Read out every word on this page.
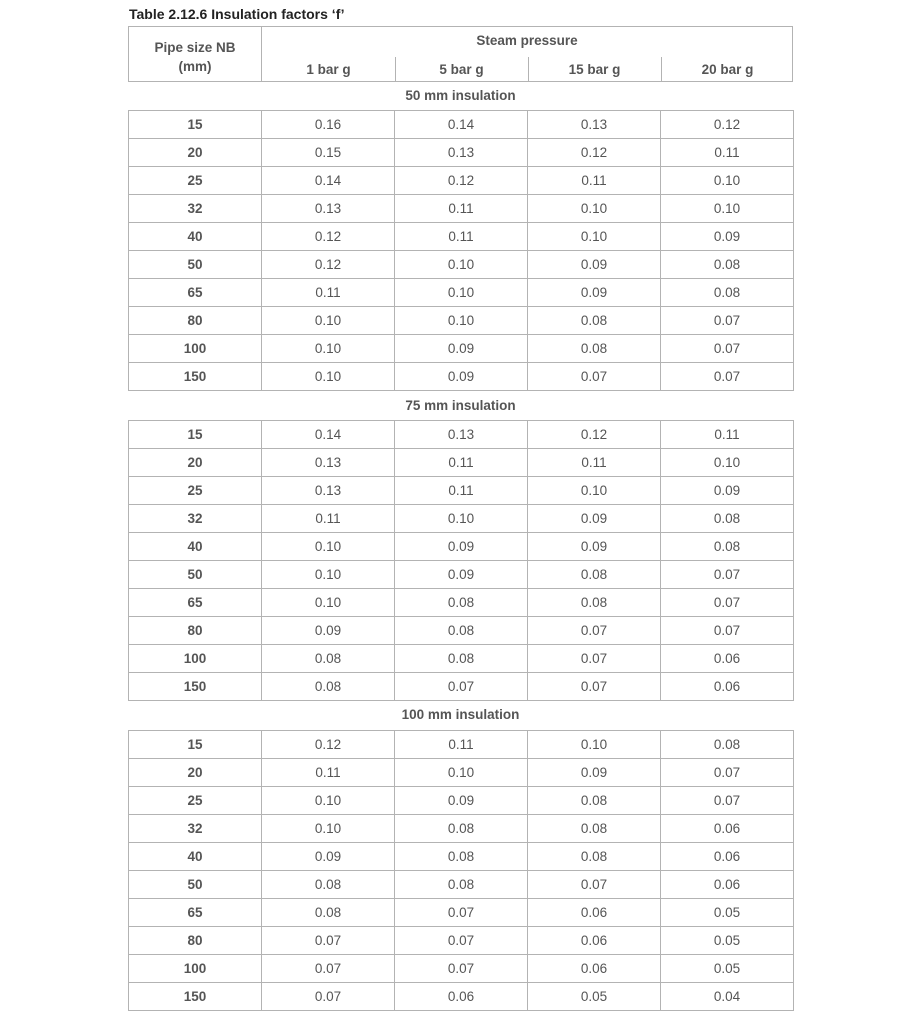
Table 2.12.6 Insulation factors ‘f’
Pipe size NB
(mm)
Steam pressure
1 bar g	5 bar g	15 bar g	20 bar g
50 mm insulation
15	0.16	0.14	0.13	0.12
20	0.15	0.13	0.12	0.11
25	0.14	0.12	0.11	0.10
32	0.13	0.11	0.10	0.10
40	0.12	0.11	0.10	0.09
50	0.12	0.10	0.09	0.08
65	0.11	0.10	0.09	0.08
80	0.10	0.10	0.08	0.07
100	0.10	0.09	0.08	0.07
150	0.10	0.09	0.07	0.07
75 mm insulation
15	0.14	0.13	0.12	0.11
20	0.13	0.11	0.11	0.10
25	0.13	0.11	0.10	0.09
32	0.11	0.10	0.09	0.08
40	0.10	0.09	0.09	0.08
50	0.10	0.09	0.08	0.07
65	0.10	0.08	0.08	0.07
80	0.09	0.08	0.07	0.07
100	0.08	0.08	0.07	0.06
150	0.08	0.07	0.07	0.06
100 mm insulation
15	0.12	0.11	0.10	0.08
20	0.11	0.10	0.09	0.07
25	0.10	0.09	0.08	0.07
32	0.10	0.08	0.08	0.06
40	0.09	0.08	0.08	0.06
50	0.08	0.08	0.07	0.06
65	0.08	0.07	0.06	0.05
80	0.07	0.07	0.06	0.05
100	0.07	0.07	0.06	0.05
150	0.07	0.06	0.05	0.04
